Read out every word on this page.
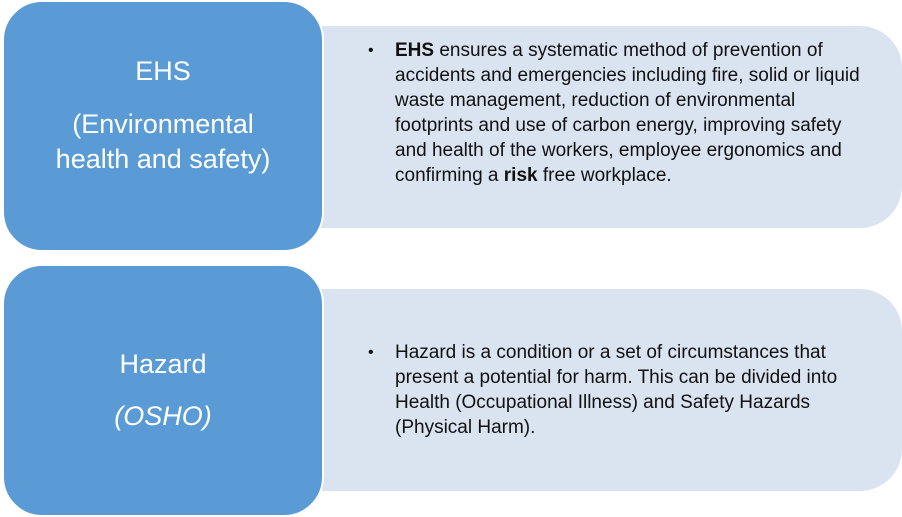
EHS
(Environmental
health and safety)
• EHS ensures a systematic method of prevention of accidents and emergencies including fire, solid or liquid waste management, reduction of environmental footprints and use of carbon energy, improving safety and health of the workers, employee ergonomics and confirming a risk free workplace.
Hazard
(OSHO)
• Hazard is a condition or a set of circumstances that present a potential for harm. This can be divided into Health (Occupational Illness) and Safety Hazards (Physical Harm).
